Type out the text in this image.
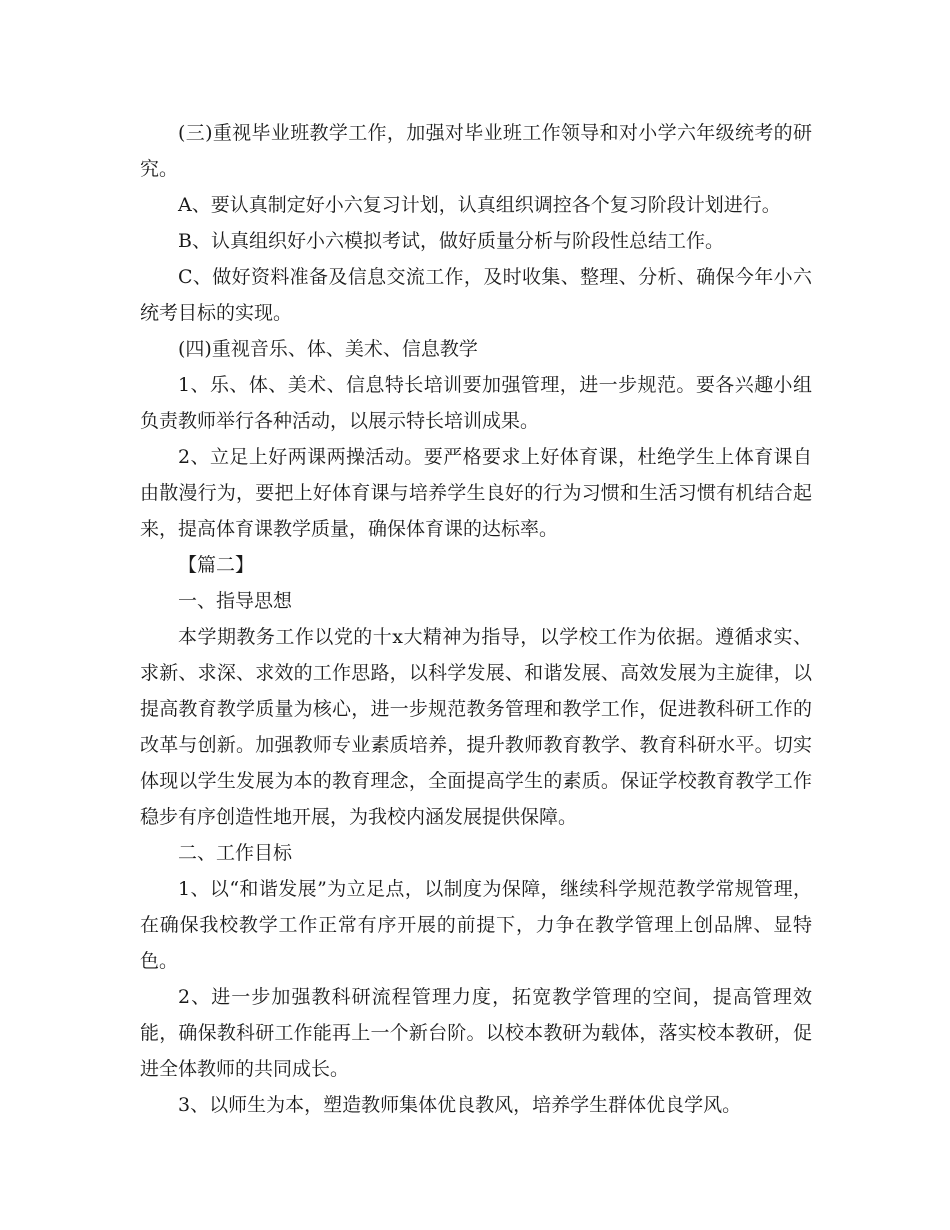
(三)重视毕业班教学工作，加强对毕业班工作领导和对小学六年级统考的研究。

A、要认真制定好小六复习计划，认真组织调控各个复习阶段计划进行。

B、认真组织好小六模拟考试，做好质量分析与阶段性总结工作。

C、做好资料准备及信息交流工作，及时收集、整理、分析、确保今年小六统考目标的实现。

(四)重视音乐、体、美术、信息教学

1、乐、体、美术、信息特长培训要加强管理，进一步规范。要各兴趣小组负责教师举行各种活动，以展示特长培训成果。

2、立足上好两课两操活动。要严格要求上好体育课，杜绝学生上体育课自由散漫行为，要把上好体育课与培养学生良好的行为习惯和生活习惯有机结合起来，提高体育课教学质量，确保体育课的达标率。

【篇二】

一、指导思想

本学期教务工作以党的十x大精神为指导，以学校工作为依据。遵循求实、求新、求深、求效的工作思路，以科学发展、和谐发展、高效发展为主旋律，以提高教育教学质量为核心，进一步规范教务管理和教学工作，促进教科研工作的改革与创新。加强教师专业素质培养，提升教师教育教学、教育科研水平。切实体现以学生发展为本的教育理念，全面提高学生的素质。保证学校教育教学工作稳步有序创造性地开展，为我校内涵发展提供保障。

二、工作目标

1、以“和谐发展”为立足点，以制度为保障，继续科学规范教学常规管理，在确保我校教学工作正常有序开展的前提下，力争在教学管理上创品牌、显特色。

2、进一步加强教科研流程管理力度，拓宽教学管理的空间，提高管理效能，确保教科研工作能再上一个新台阶。以校本教研为载体，落实校本教研，促进全体教师的共同成长。

3、以师生为本，塑造教师集体优良教风，培养学生群体优良学风。
